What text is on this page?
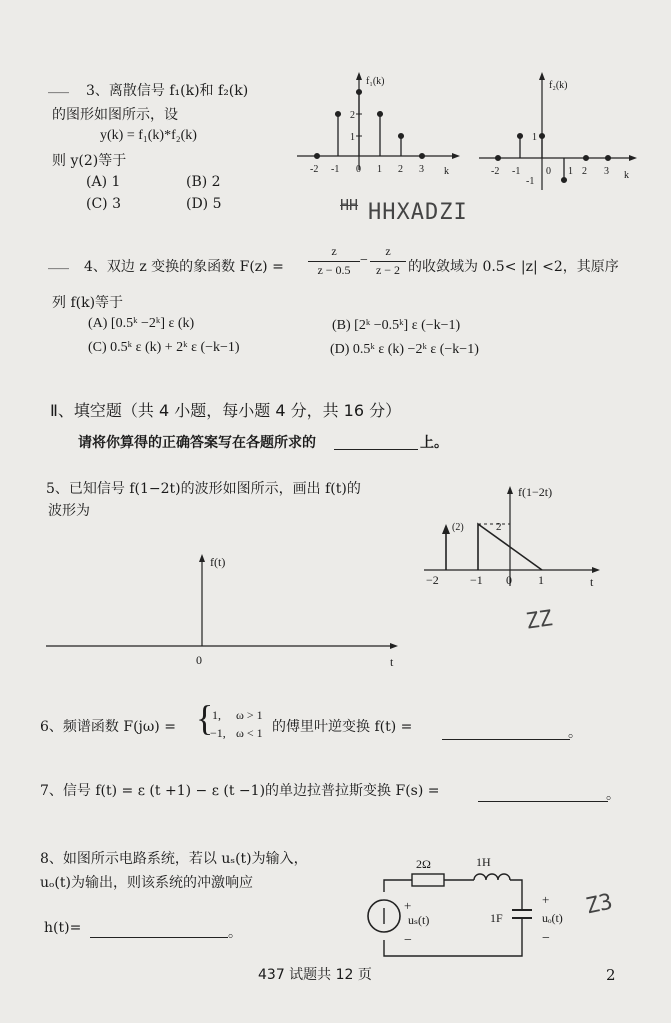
___ 3、离散信号 f₁(k)和 f₂(k)
的图形如图所示，设
y(k) = f₁(k)*f₂(k)
则 y(2)等于
(A) 1	(B) 2
(C) 3	(D) 5
f₁(k)
2
1
-2 -1 0 1 2 3 k
f₂(k)
1
-1
-2 -1	0 1 2 3 k
HH HHXADZI
___ 4、双边 z 变换的象函数 F(z) =
z
z − 0.5
−
z
z − 2 的收敛域为 0.5< |z| <2，其原序
列 f(k)等于
(A) [0.5ᵏ −2ᵏ] ε (k)	(B) [2ᵏ −0.5ᵏ] ε (−k−1)
(C) 0.5ᵏ ε (k) + 2ᵏ ε (−k−1)	(D) 0.5ᵏ ε (k) −2ᵏ ε (−k−1)
Ⅱ、填空题（共 4 小题，每小题 4 分，共 16 分）
请将你算得的正确答案写在各题所求的	上。
5、已知信号 f(1−2t)的波形如图所示，画出 f(t)的
波形为
f(1−2t)
(2)	2
−2	−1 0 1	t
f(t)
0	t
ZZ
6、频谱函数 F(jω) = {
1, ω > 1
−1, ω < 1 的傅里叶逆变换 f(t) =	。
7、信号 f(t) = ε (t +1) − ε (t −1)的单边拉普拉斯变换 F(s) =	。
8、如图所示电路系统，若以 uₛ(t)为输入，
uₒ(t)为输出，则该系统的冲激响应
h(t)=	。
2Ω	1H
+
uₛ(t)
−
1F
+
uₒ(t)
−
Z3
437 试题共 12 页	2
